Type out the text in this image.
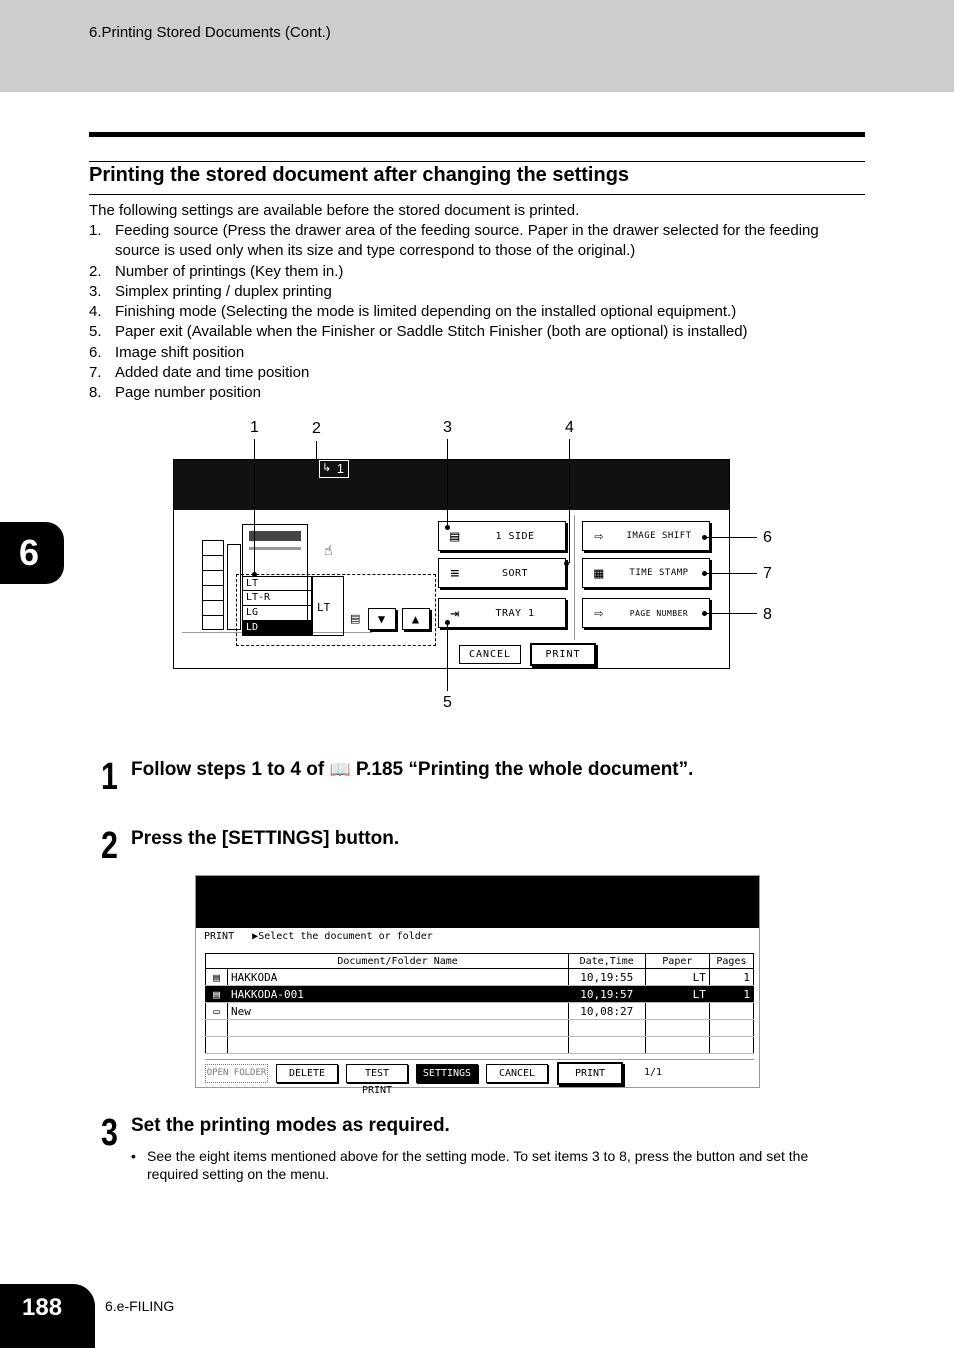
6.Printing Stored Documents (Cont.)
Printing the stored document after changing the settings
The following settings are available before the stored document is printed.
1. Feeding source (Press the drawer area of the feeding source. Paper in the drawer selected for the feeding source is used only when its size and type correspond to those of the original.)
2. Number of printings (Key them in.)
3. Simplex printing / duplex printing
4. Finishing mode (Selecting the mode is limited depending on the installed optional equipment.)
5. Paper exit (Available when the Finisher or Saddle Stitch Finisher (both are optional) is installed)
6. Image shift position
7. Added date and time position
8. Page number position
6
1	2	3	4
5
6
7
8
↳ 1
☝
LT
LT-R
LG
LD
LT
▤	▼	▲
▤	1 SIDE
≡	SORT
⇥	TRAY 1
⇨	IMAGE SHIFT
▦	TIME STAMP
⇨	PAGE NUMBER
CANCEL	PRINT
1 Follow steps 1 to 4 of 📖 P.185 “Printing the whole document”.
2 Press the [SETTINGS] button.
PRINT ▶Select the document or folder
	Document/Folder Name	Date,Time	Paper	Pages
▤	HAKKODA	10,19:55	LT	1
▤	HAKKODA-001	10,19:57	LT	1
▭	New	10,08:27		

OPEN FOLDER	DELETE	TEST PRINT
SETTINGS	CANCEL	PRINT	1/1
3 Set the printing modes as required.
• See the eight items mentioned above for the setting mode. To set items 3 to 8, press the button and set the required setting on the menu.
188	6.e-FILING
